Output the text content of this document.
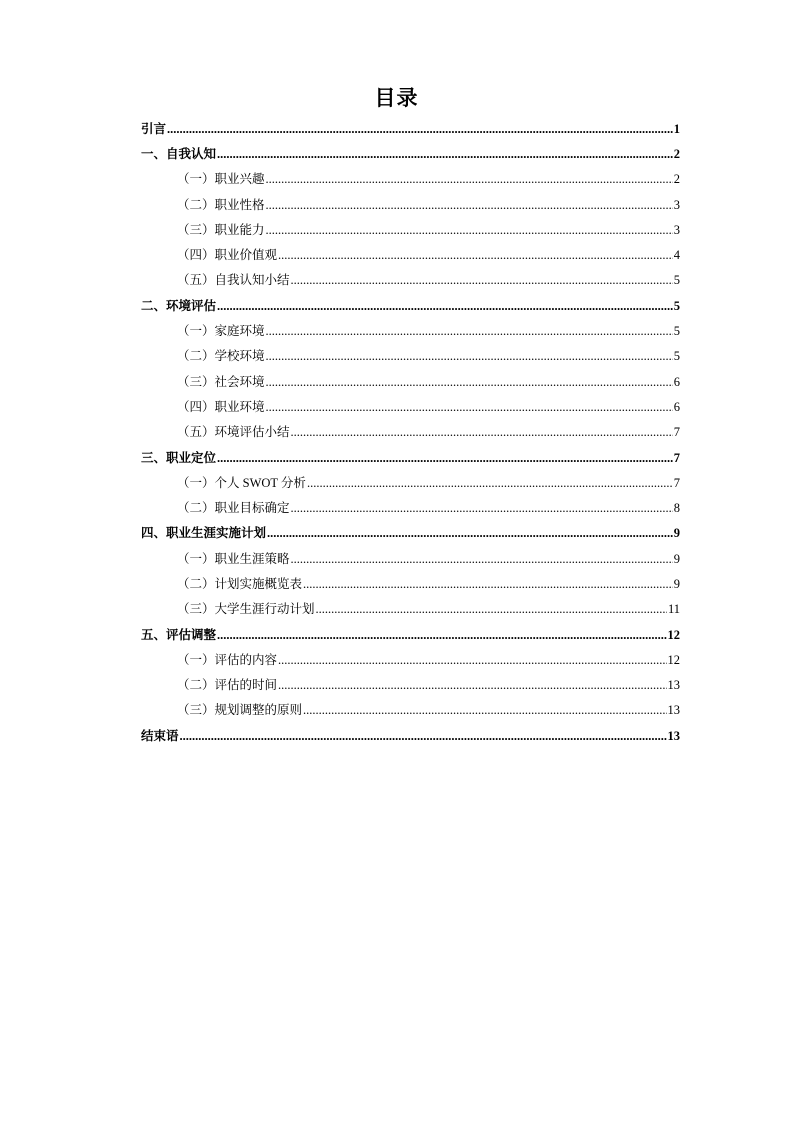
目录
引言 .....	1
一、自我认知 .....	2
（一）职业兴趣 .....	2
（二）职业性格 .....	3
（三）职业能力 .....	3
（四）职业价值观 .....	4
（五）自我认知小结 .....	5
二、环境评估 .....	5
（一）家庭环境 .....	5
（二）学校环境 .....	5
（三）社会环境 .....	6
（四）职业环境 .....	6
（五）环境评估小结 .....	7
三、职业定位 .....	7
（一）个人 SWOT 分析 .....	7
（二）职业目标确定 .....	8
四、职业生涯实施计划 .....	9
（一）职业生涯策略 .....	9
（二）计划实施概览表 .....	9
（三）大学生涯行动计划 .....	11
五、评估调整 .....	12
（一）评估的内容 .....	12
（二）评估的时间 .....	13
（三）规划调整的原则 .....	13
结束语 .....	13
